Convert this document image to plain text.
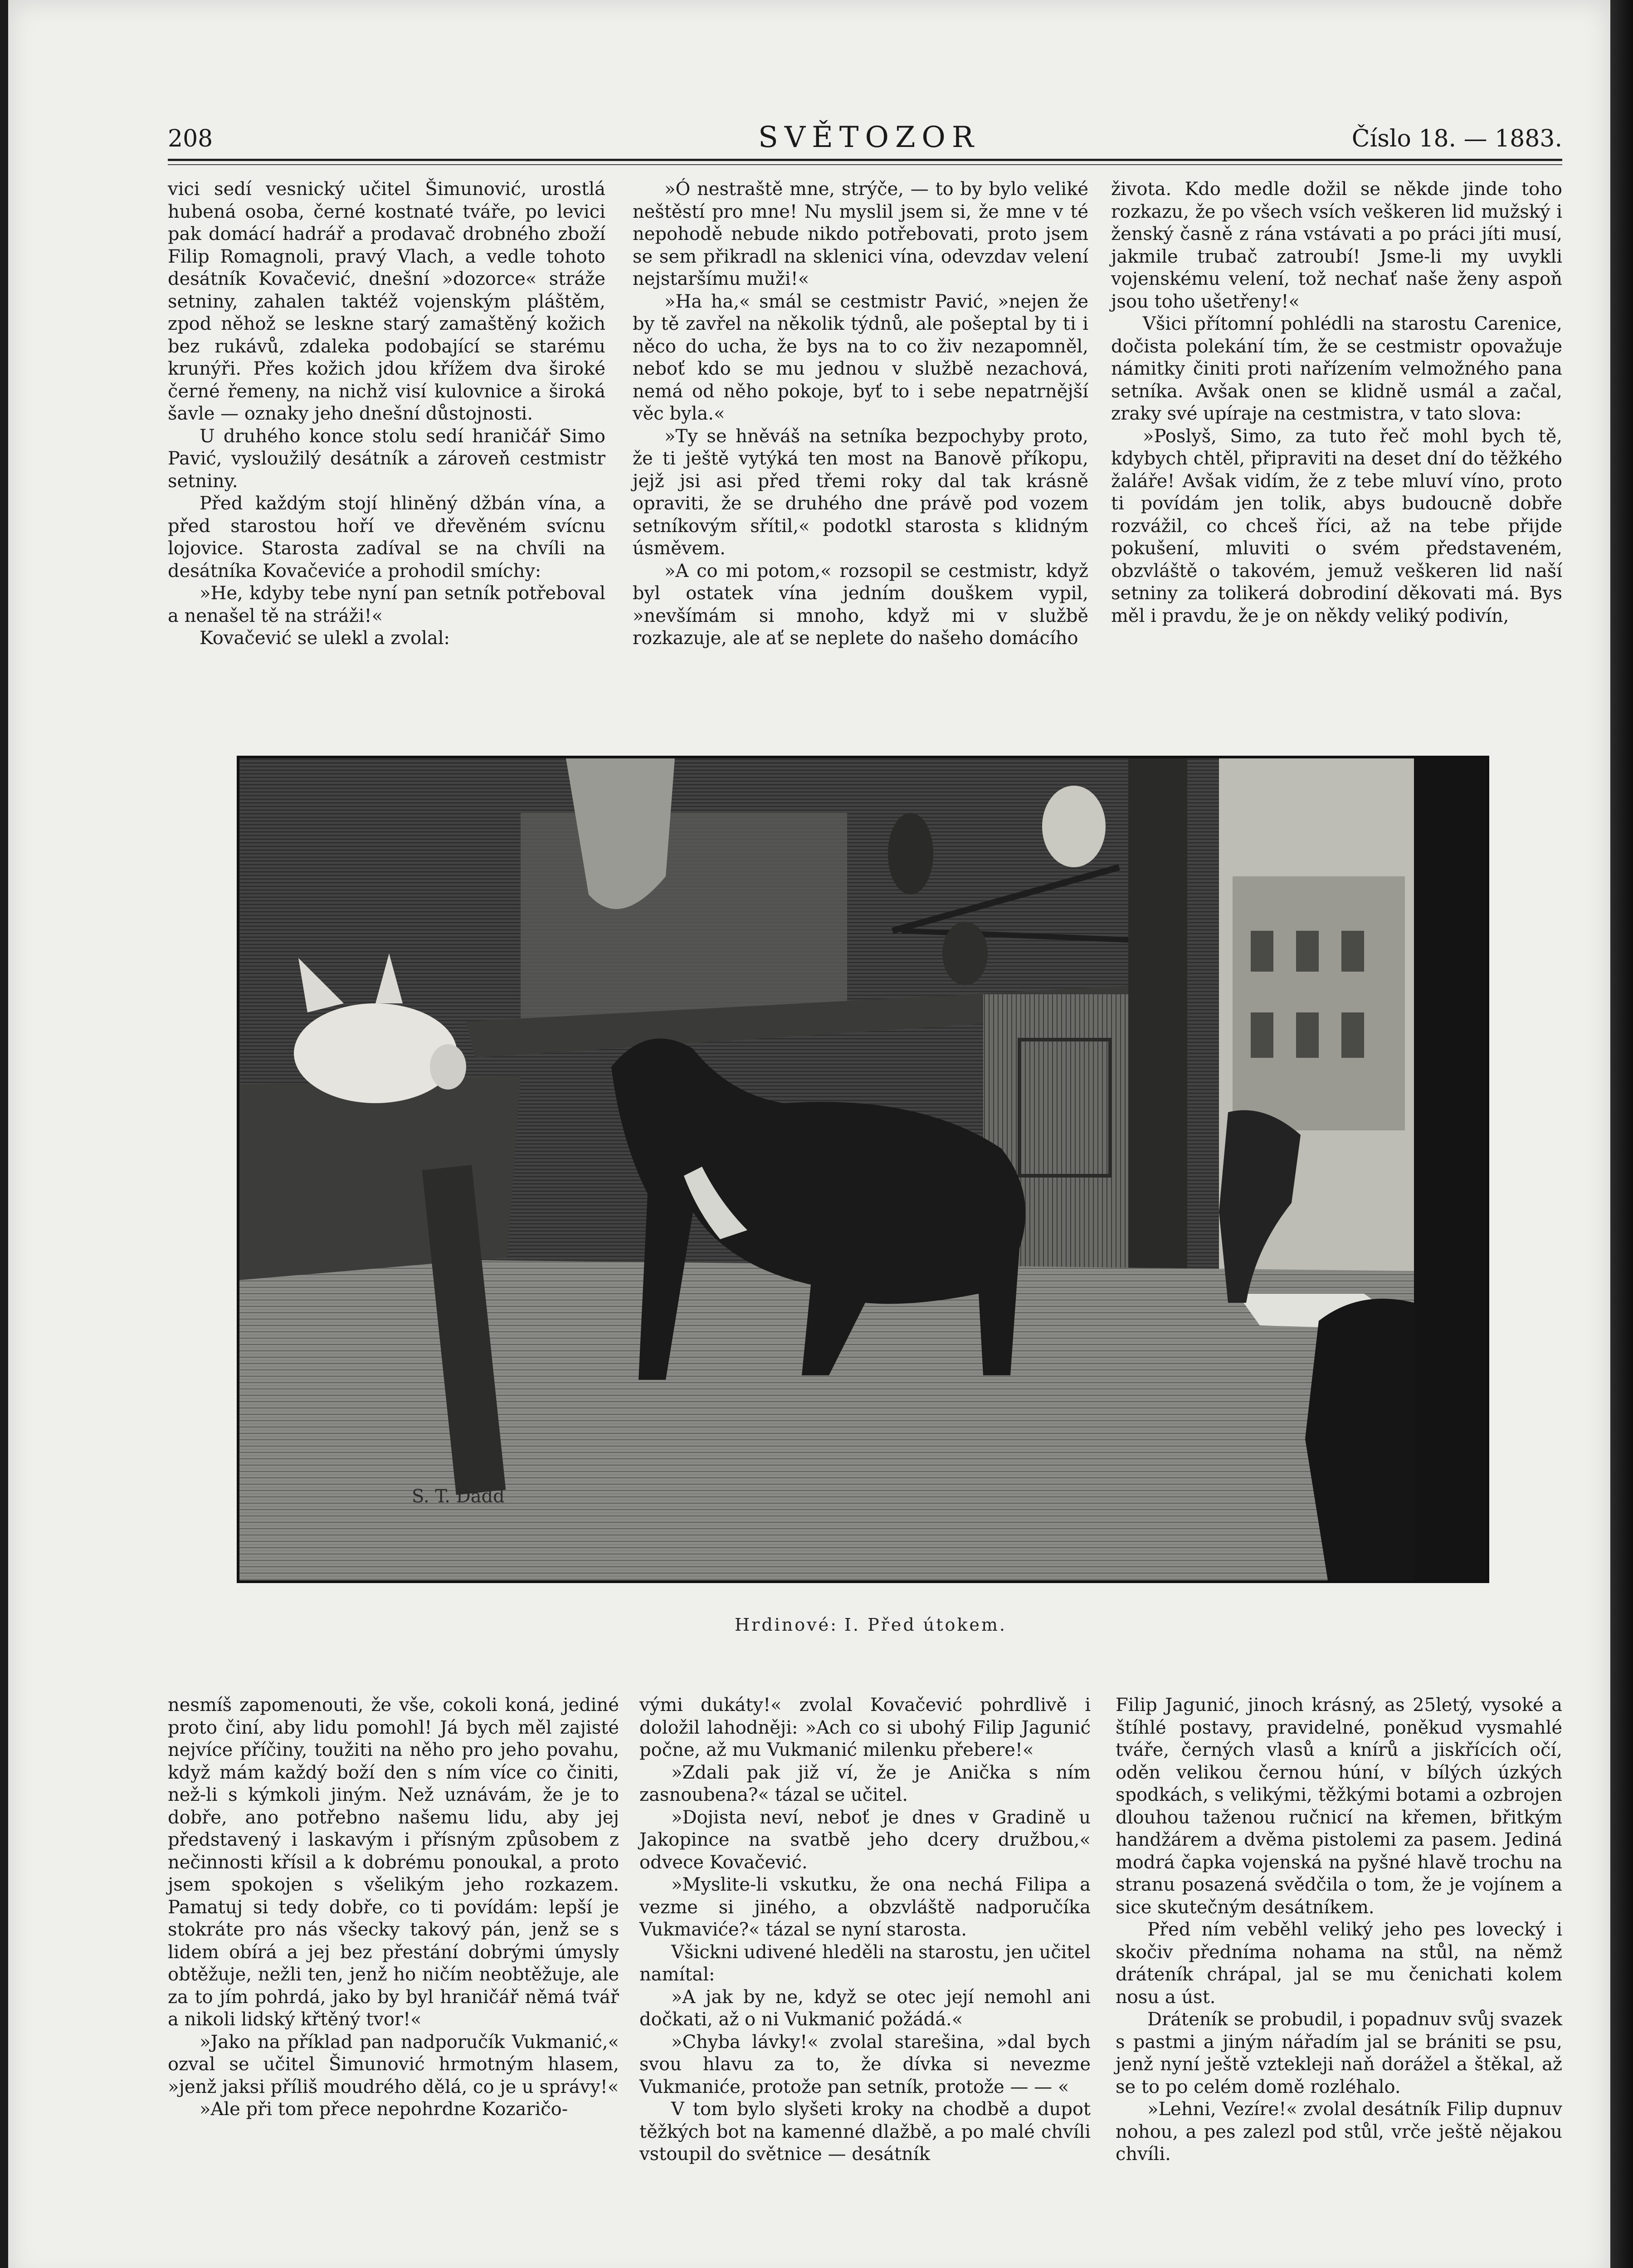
208	SVĚTOZOR	Číslo 18. — 1883.

vici sedí vesnický učitel Šimunović, urostlá hubená osoba, černé kostnaté tváře, po levici pak domácí hadrář a prodavač drobného zboží Filip Romagnoli, pravý Vlach, a vedle tohoto desátník Kovačević, dnešní »dozorce« stráže setniny, zahalen taktéž vojenským pláštěm, zpod něhož se leskne starý zamaštěný kožich bez rukávů, zdaleka podobající se starému krunýři. Přes kožich jdou křížem dva široké černé řemeny, na nichž visí kulovnice a široká šavle — oznaky jeho dnešní důstojnosti.

U druhého konce stolu sedí hraničář Simo Pavić, vysloužilý desátník a zároveň cestmistr setniny.

Před každým stojí hliněný džbán vína, a před starostou hoří ve dřevěném svícnu lojovice. Starosta zadíval se na chvíli na desátníka Kovačeviće a prohodil smíchy:

»He, kdyby tebe nyní pan setník potřeboval a nenašel tě na stráži!«

Kovačević se ulekl a zvolal:

»Ó nestraště mne, strýče, — to by bylo veliké neštěstí pro mne! Nu myslil jsem si, že mne v té nepohodě nebude nikdo potřebovati, proto jsem se sem přikradl na sklenici vína, odevzdav velení nejstaršímu muži!«

»Ha ha,« smál se cestmistr Pavić, »nejen že by tě zavřel na několik týdnů, ale pošeptal by ti i něco do ucha, že bys na to co živ nezapomněl, neboť kdo se mu jednou v službě nezachová, nemá od něho pokoje, byť to i sebe nepatrnější věc byla.«

»Ty se hněváš na setníka bezpochyby proto, že ti ještě vytýká ten most na Banově příkopu, jejž jsi asi před třemi roky dal tak krásně opraviti, že se druhého dne právě pod vozem setníkovým sřítil,« podotkl starosta s klidným úsměvem.

»A co mi potom,« rozsopil se cestmistr, když byl ostatek vína jedním douškem vypil, »nevšímám si mnoho, když mi v službě rozkazuje, ale ať se neplete do našeho domácího

života. Kdo medle dožil se někde jinde toho rozkazu, že po všech vsích veškeren lid mužský i ženský časně z rána vstávati a po práci jíti musí, jakmile trubač zatroubí! Jsme-li my uvykli vojenskému velení, tož nechať naše ženy aspoň jsou toho ušetřeny!«

Všici přítomní pohlédli na starostu Carenice, dočista polekání tím, že se cestmistr opovažuje námitky činiti proti nařízením velmožného pana setníka. Avšak onen se klidně usmál a začal, zraky své upíraje na cestmistra, v tato slova:

»Poslyš, Simo, za tuto řeč mohl bych tě, kdybych chtěl, připraviti na deset dní do těžkého žaláře! Avšak vidím, že z tebe mluví víno, proto ti povídám jen tolik, abys budoucně dobře rozvážil, co chceš říci, až na tebe přijde pokušení, mluviti o svém představeném, obzvláště o takovém, jemuž veškeren lid naší setniny za tolikerá dobrodiní děkovati má. Bys měl i pravdu, že je on někdy veliký podivín,

S. T. Dadd
Hrdinové: I. Před útokem.

nesmíš zapomenouti, že vše, cokoli koná, jediné proto činí, aby lidu pomohl! Já bych měl zajisté nejvíce příčiny, toužiti na něho pro jeho povahu, když mám každý boží den s ním více co činiti, než-li s kýmkoli jiným. Než uznávám, že je to dobře, ano potřebno našemu lidu, aby jej představený i laskavým i přísným způsobem z nečinnosti křísil a k dobrému ponoukal, a proto jsem spokojen s všelikým jeho rozkazem. Pamatuj si tedy dobře, co ti povídám: lepší je stokráte pro nás všecky takový pán, jenž se s lidem obírá a jej bez přestání dobrými úmysly obtěžuje, nežli ten, jenž ho ničím neobtěžuje, ale za to jím pohrdá, jako by byl hraničář němá tvář a nikoli lidský křtěný tvor!«

»Jako na příklad pan nadporučík Vukmanić,« ozval se učitel Šimunović hrmotným hlasem, »jenž jaksi příliš moudrého dělá, co je u správy!«

»Ale při tom přece nepohrdne Kozaričo-

vými dukáty!« zvolal Kovačević pohrdlivě i doložil lahodněji: »Ach co si ubohý Filip Jagunić počne, až mu Vukmanić milenku přebere!«

»Zdali pak již ví, že je Anička s ním zasnoubena?« tázal se učitel.

»Dojista neví, neboť je dnes v Gradině u Jakopince na svatbě jeho dcery družbou,« odvece Kovačević.

»Myslite-li vskutku, že ona nechá Filipa a vezme si jiného, a obzvláště nadporučíka Vukmaviće?« tázal se nyní starosta.

Všickni udivené hleděli na starostu, jen učitel namítal:

»A jak by ne, když se otec její nemohl ani dočkati, až o ni Vukmanić požádá.«

»Chyba lávky!« zvolal starešina, »dal bych svou hlavu za to, že dívka si nevezme Vukmaniće, protože pan setník, protože — — «

V tom bylo slyšeti kroky na chodbě a dupot těžkých bot na kamenné dlažbě, a po malé chvíli vstoupil do světnice — desátník

Filip Jagunić, jinoch krásný, as 25letý, vysoké a štíhlé postavy, pravidelné, poněkud vysmahlé tváře, černých vlasů a knírů a jiskřících očí, oděn velikou černou húní, v bílých úzkých spodkách, s velikými, těžkými botami a ozbrojen dlouhou taženou ručnicí na křemen, břitkým handžárem a dvěma pistolemi za pasem. Jediná modrá čapka vojenská na pyšné hlavě trochu na stranu posazená svědčila o tom, že je vojínem a sice skutečným desátníkem.

Před ním veběhl veliký jeho pes lovecký i skočiv předníma nohama na stůl, na němž dráteník chrápal, jal se mu čenichati kolem nosu a úst.

Dráteník se probudil, i popadnuv svůj svazek s pastmi a jiným nářadím jal se brániti se psu, jenž nyní ještě vztekleji naň dorážel a štěkal, až se to po celém domě rozléhalo.

»Lehni, Vezíre!« zvolal desátník Filip dupnuv nohou, a pes zalezl pod stůl, vrče ještě nějakou chvíli.
